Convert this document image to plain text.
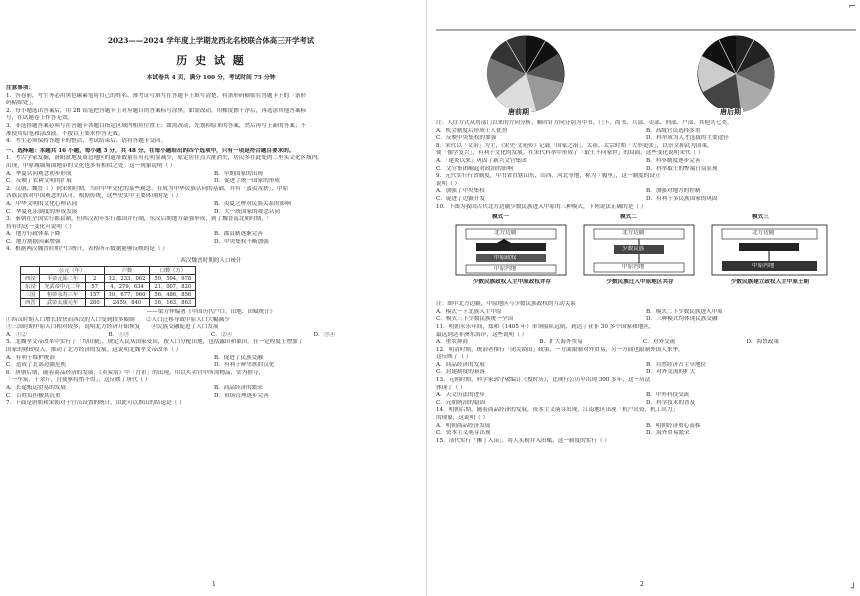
2023——2024 学年度上学期龙西北名校联合体高三开学考试
历 史 试 题
本试卷共 4 页，满分 100 分，考试时间 75 分钟
注意事项：
1．答卷前，考生务必用黑色碳素笔将自己的姓名、准考证号填写在答题卡上填写清楚，将条形码横贴在答题卡上的「条形
码粘贴处」。
2．每小题选出答案后，用 2B 铅笔把答题卡上对应题目的答案标号涂黑。如需改动，用橡皮擦干净后，再选涂其他答案标
号，在试题卷上作答无效。
3．非选择题答案必须写在答题卡各题目指定区域内相应位置上；如需改动，先划掉原来的答案，然后再写上新的答案；不
准使用铅笔和涂改液。不按以上要求作答无效。
4．考生必须保持答题卡的整洁，考试结束后，请将答题卡交回。
一、选择题：本题共 16 小题，每小题 3 分，共 48 分。在每小题给出的四个选项中，只有一项是符合题目要求的。
1．考古学家发掘，洛阳盆地及周边地区的遗址数量在有孔明显减少，原定居住点大批消失，居民多在此处的二里头文化区域内。
出现，中原城墙周围地带的文化也多有相似之处。这一现象说明（ ）
A．华夏认同观念初步形成	B．早期国家的出现
C．反映了农耕文明的扩展	D．促进了统一国家的形成
2．汉朝、魏晋（ ）到宋朝时期，当时中华文化的某些观念，在成为中华民族认同的基础，并有「蛮夷戎狄」，中原
各族民族对中国观念的认可，根据传统，这些史实中主要体现的是（ ）
A．中华文明的文化心理认同	B．夷夏之辨对民族关系的影响
C．华夏礼乐制度的形成发展	D．大一统国家的观念认同
3．秦朝在全国实行郡县制，但西汉初年实行郡国并行制，东汉后期地方豪强形成，到了魏晋南北朝时期，「
持有的这一变化可说明（ ）
A．地方行政体系下降	B．郡县制逐渐完善
C．地方割据因素增强	D．中央集权不断加强
4．根据两汉魏晋时期户口统计，表格所示数据能够反映的是（ ）
西汉魏晋时期的人口统计
	公元（年）		户数	口数（万）
西汉	平帝元始二年	2	12，233，062	59，594，978
东汉	光武帝中元二年	57	4，279，634	21，007，820
三国	桓帝永寿三年	157	10，677，960	56，486，856
西晋	武帝太康元年	280	2459，840	16，163，863
——梁方仲编著《中国历代户口、田地、田赋统计》
①西汉时期人口增长较快而西汉的人口受到较多限制　　②人口迁移导致中原人口大幅减少
③三国时期中原人口相对较多，说明北方经济开始恢复　　④民族交融促进了人口发展
A．①②	B．①③	C．②④	D．③④
5．北魏孝文帝改革中实行了「均田制」，规定人民从国家受田，按人口分配田地，包括露田和桑田。在一定程度上增加了
国家的财政收入，推动了北方经济的发展。这说明北魏孝文帝改革（ ）
A．有利于维护统治	B．促进了民族交融
C．造成了北部边疆危机	D．有利于鲜卑族的汉化
6．唐朝后期，随着商品经济的发展，《卖炭翁》中「宫市」的出现，用以买卖宫中所需物品，实为掠夺，
「一车炭，千余斤，宫使驱将惜不得」，这反映了唐代（ ）
A．长途贩运贸易的发展	B．商品经济的繁荣
C．百姓负担极其沉重	D．市场管理逐步完善
7．下面是唐朝和宋朝对于官员设置的统计，由此可以推出的结论是（ ）
1
唐前期	唐后期
注：人住方式从用部门以来的方向分析，顺时针方向分别为中书、门下、尚书、兵部、吏部、刑部、户部、其他共七类。
A．机会制度后形成士人优势	B．高级官员选择多重
C．反映中央集权的加强	D．科举成为人才选拔的主要途径
8．宋代以「文治」为主，《宋史·文苑传》记载「国家之治」，太祖、太宗时期「大举更张」，以崇文抑武为国策，
使「儒学复兴」，有利于文化的发展。在宋代科举中形成了「取士不问家世」的局面，这些变化说明宋代（ ）
A．「建炎以来」巩固了新兴文官集团	B．科举制度逐步完善
C．文官集团崛起对政治的影响	D．科举取士的弊端日益显现
9．元代实行行省制度，中书省直辖山东、山西、河北等地，称为「腹里」，这一制度的设立
说明（ ）
A．加强了中央集权	B．加强对地方的控制
C．促进了边疆开发	D．有利于多民族国家的巩固
10．下图为我国古代北方边疆少数民族进入中原的三种模式，下列说法正确的是（ ）
模式一	模式二	模式三
北方边疆	北方边疆	北方边疆
少数民族
中原政权
中原内地	中原内地	中原内地
少数民族政权入主中原政权并存	少数民族迁入中原地区共存	少数民族建立政权入主中原王朝
注：图中北方边疆，中原地区与少数民族政权的互动关系
A．模式一下北族入主中原	B．模式二下少数民族进入中原
C．模式三下少数民族统一全国	D．三种模式均体现民族交融
11．明朝永乐年间，郑和（1405 年）率领船队远航，到达了亚非 30 多个国家和地区，
最远到达非洲东海岸，这些说明（ ）
A．重农抑商	B．扩大海外贸易	C．对外交流	D．海禁政策
12．明清时期，统治者推行「闭关锁国」政策，一方面限制对外贸易，另一方面也限制外国人来华，
这反映了（ ）
A．商品经济的发展	B．自然经济占主导地位
C．封建制度的衰落	D．对外交流的扩大
13．元朝时期，科学家郭守敬编订《授时历》，比现行公历早出现 300 多年，这一历法
体现了（ ）
A．天文历法的进步	B．中外科技交流
C．元朝统治的稳固	D．科学技术的普及
14．明朝后期，随着商品经济的发展，资本主义萌芽出现，江南地区出现「机户出资，机工出力」
的现象，这说明（ ）
A．明朝商品经济发展	B．明朝经济重心南移
C．资本主义萌芽出现	D．海外贸易繁荣
15．清代实行「摊丁入亩」，将人头税并入田赋，这一制度的实行（ ）
2
⌐
┘
